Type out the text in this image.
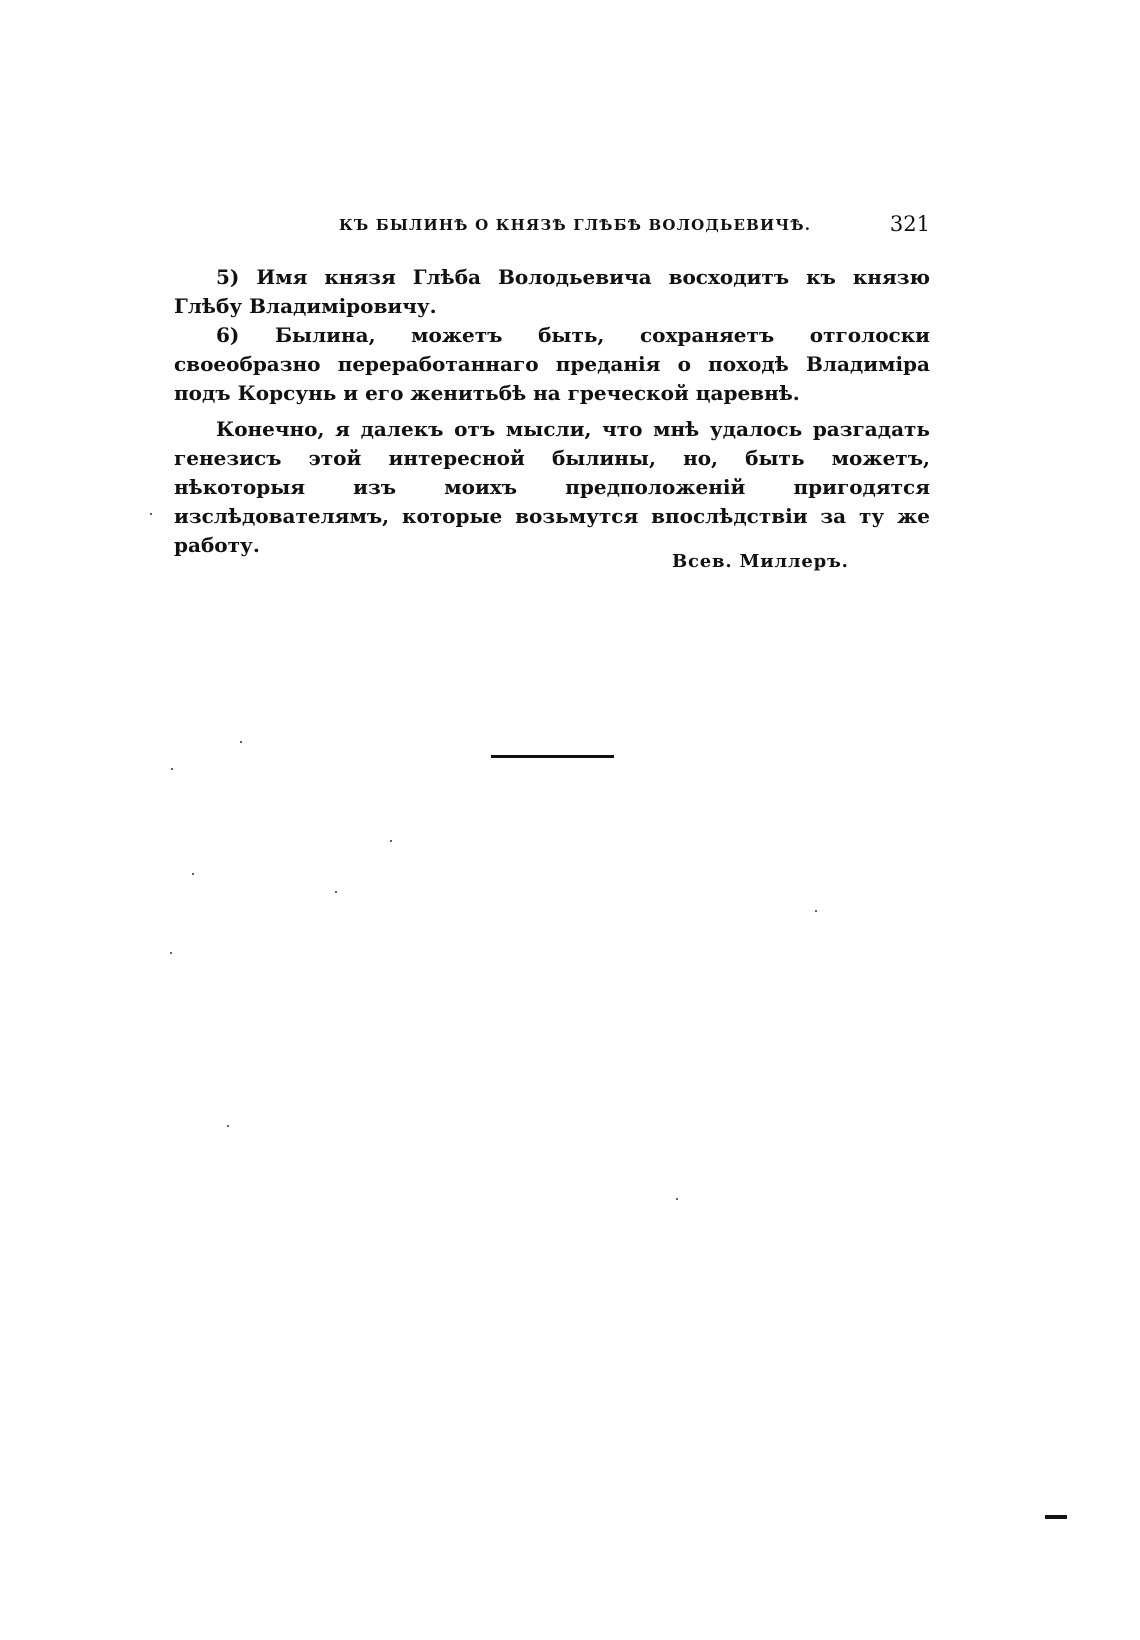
КЪ БЫЛИНѢ О КНЯЗѢ ГЛѢБѢ ВОЛОДЬЕВИЧѢ.	321

5) Имя князя Глѣба Володьевича восходитъ къ князю Глѣбу Владиміровичу.

6) Былина, можетъ быть, сохраняетъ отголоски своеобразно переработаннаго преданія о походѣ Владиміра подъ Корсунь и его женитьбѣ на греческой царевнѣ.

Конечно, я далекъ отъ мысли, что мнѣ удалось разгадать генезисъ этой интересной былины, но, быть можетъ, нѣкоторыя изъ моихъ предположеній пригодятся изслѣдователямъ, которые возьмутся впослѣдствіи за ту же работу.

Всев. Миллеръ.
